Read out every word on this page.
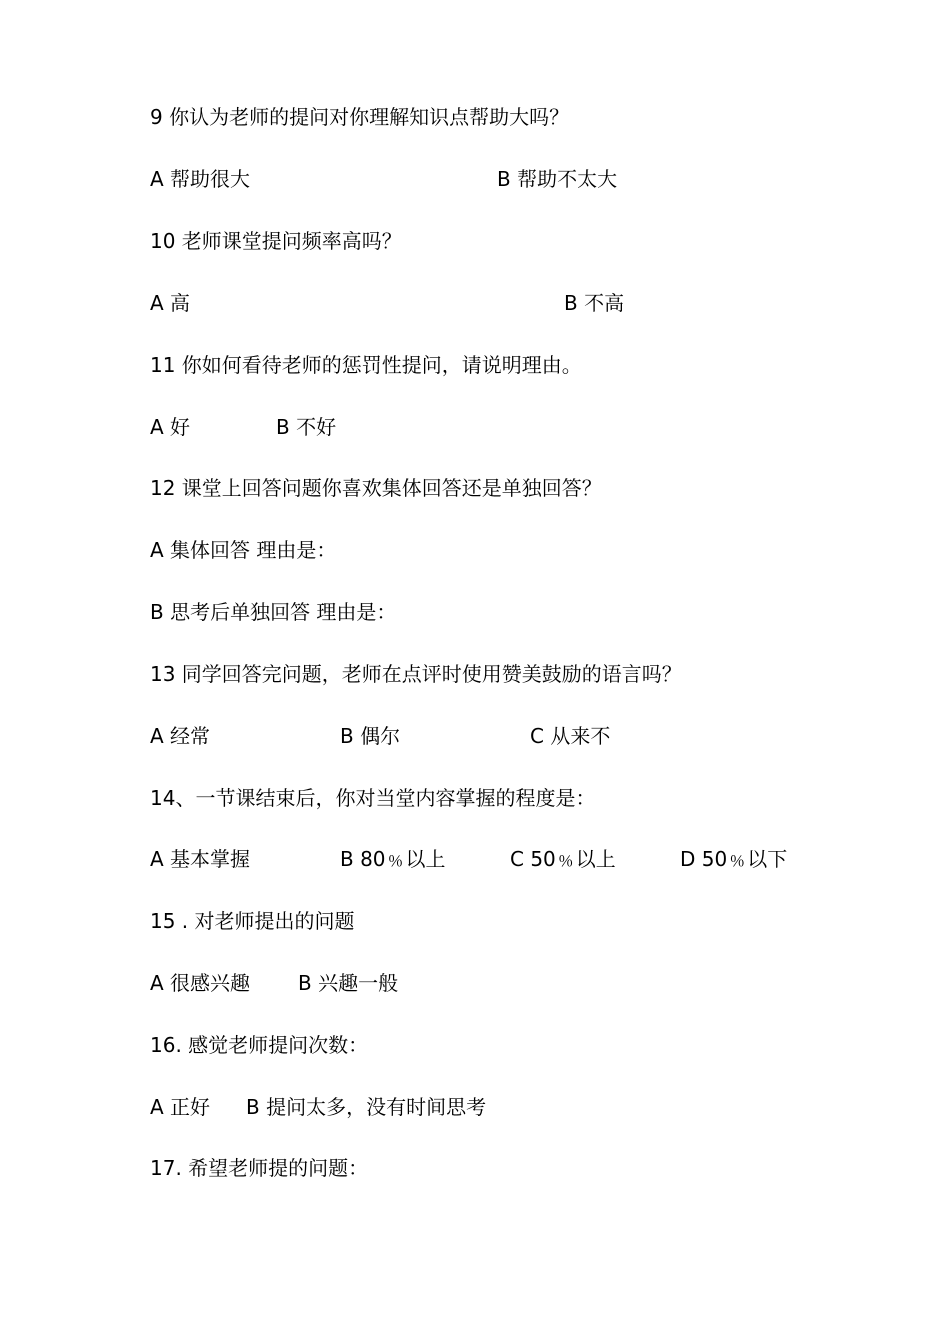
9 你认为老师的提问对你理解知识点帮助大吗？
A 帮助很大	B 帮助不太大
10 老师课堂提问频率高吗？
A 高	B 不高
11 你如何看待老师的惩罚性提问，请说明理由。
A 好	B 不好
12 课堂上回答问题你喜欢集体回答还是单独回答？
A 集体回答 理由是：
B 思考后单独回答 理由是：
13 同学回答完问题，老师在点评时使用赞美鼓励的语言吗？
A 经常	B 偶尔	C 从来不
14、一节课结束后，你对当堂内容掌握的程度是：
A 基本掌握	B 80﹪以上	C 50﹪以上	D 50﹪以下
15 . 对老师提出的问题
A 很感兴趣 B 兴趣一般
16. 感觉老师提问次数：
A 正好 B 提问太多，没有时间思考
17. 希望老师提的问题：
